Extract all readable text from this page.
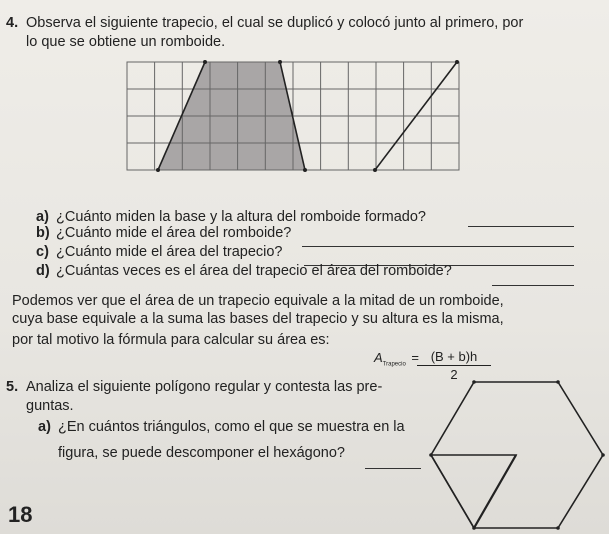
4. Observa el siguiente trapecio, el cual se duplicó y colocó junto al primero, por
lo que se obtiene un romboide.
a) ¿Cuánto miden la base y la altura del romboide formado?
b) ¿Cuánto mide el área del romboide?
c) ¿Cuánto mide el área del trapecio?
d) ¿Cuántas veces es el área del trapecio el área del romboide?
Podemos ver que el área de un trapecio equivale a la mitad de un romboide,
cuya base equivale a la suma las bases del trapecio y su altura es la misma,
por tal motivo la fórmula para calcular su área es:
$A_{Trapecio} = (B + b)h$
2
5. Analiza el siguiente polígono regular y contesta las pre-
guntas.
a) ¿En cuántos triángulos, como el que se muestra en la
figura, se puede descomponer el hexágono?
18
